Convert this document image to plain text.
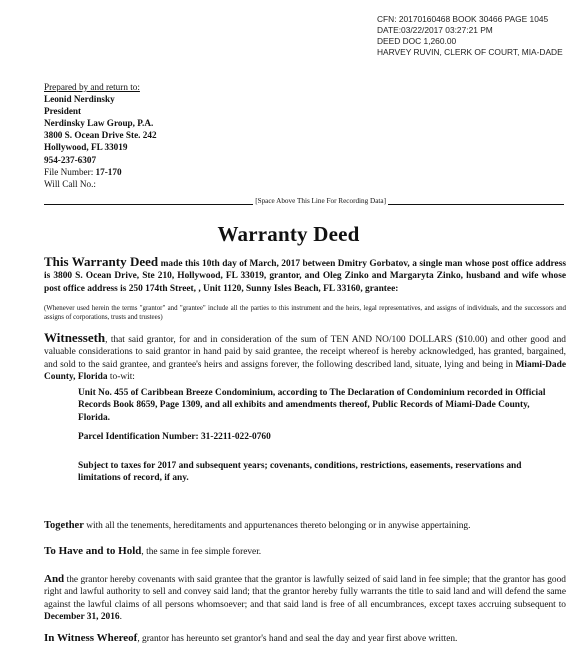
CFN: 20170160468 BOOK 30466 PAGE 1045
DATE:03/22/2017 03:27:21 PM
DEED DOC 1,260.00
HARVEY RUVIN, CLERK OF COURT, MIA-DADE
Prepared by and return to:
Leonid Nerdinsky
President
Nerdinsky Law Group, P.A.
3800 S. Ocean Drive Ste. 242
Hollywood, FL 33019
954-237-6307
File Number: 17-170
Will Call No.:
[Space Above This Line For Recording Data]
Warranty Deed
This Warranty Deed made this 10th day of March, 2017 between Dmitry Gorbatov, a single man whose post office address is 3800 S. Ocean Drive, Ste 210, Hollywood, FL 33019, grantor, and Oleg Zinko and Margaryta Zinko, husband and wife whose post office address is 250 174th Street, , Unit 1120, Sunny Isles Beach, FL 33160, grantee:
(Whenever used herein the terms "grantor" and "grantee" include all the parties to this instrument and the heirs, legal representatives, and assigns of individuals, and the successors and assigns of corporations, trusts and trustees)
Witnesseth, that said grantor, for and in consideration of the sum of TEN AND NO/100 DOLLARS ($10.00) and other good and valuable considerations to said grantor in hand paid by said grantee, the receipt whereof is hereby acknowledged, has granted, bargained, and sold to the said grantee, and grantee's heirs and assigns forever, the following described land, situate, lying and being in Miami-Dade County, Florida to-wit:
Unit No. 455 of Caribbean Breeze Condominium, according to The Declaration of Condominium recorded in Official Records Book 8659, Page 1309, and all exhibits and amendments thereof, Public Records of Miami-Dade County, Florida.
Parcel Identification Number: 31-2211-022-0760
Subject to taxes for 2017 and subsequent years; covenants, conditions, restrictions, easements, reservations and limitations of record, if any.
Together with all the tenements, hereditaments and appurtenances thereto belonging or in anywise appertaining.
To Have and to Hold, the same in fee simple forever.
And the grantor hereby covenants with said grantee that the grantor is lawfully seized of said land in fee simple; that the grantor has good right and lawful authority to sell and convey said land; that the grantor hereby fully warrants the title to said land and will defend the same against the lawful claims of all persons whomsoever; and that said land is free of all encumbrances, except taxes accruing subsequent to December 31, 2016.
In Witness Whereof, grantor has hereunto set grantor's hand and seal the day and year first above written.
